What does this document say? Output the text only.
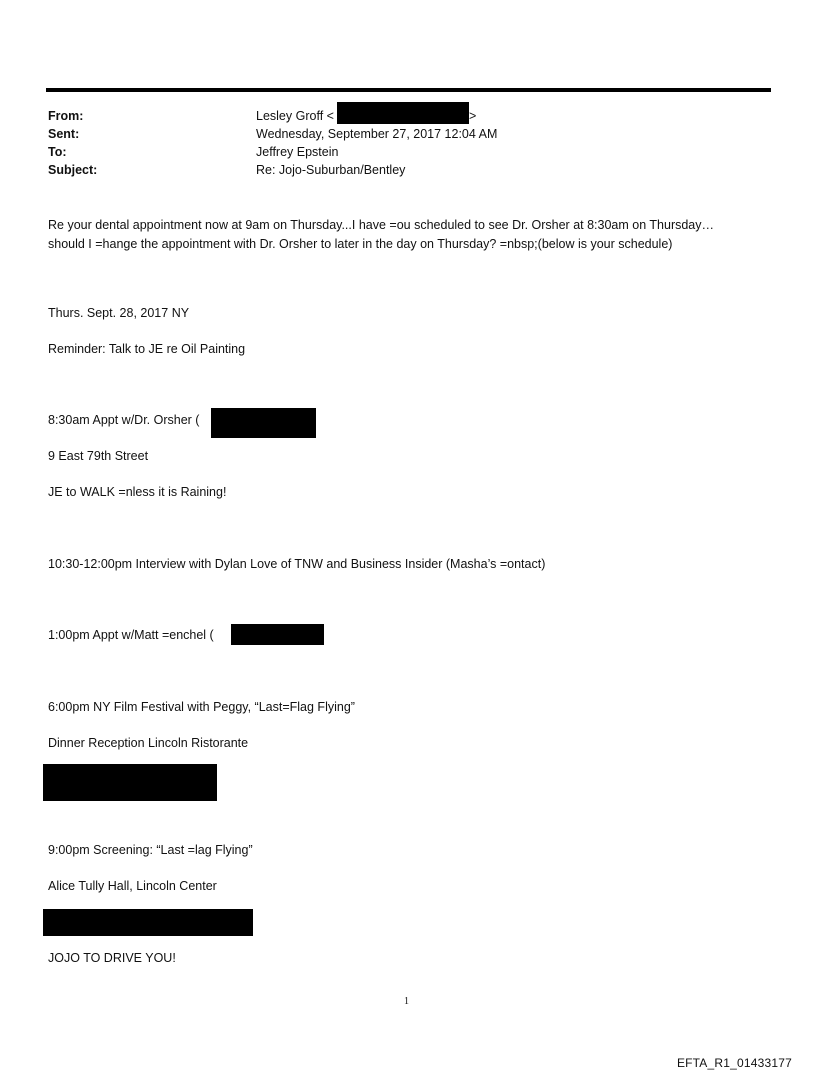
From:	Lesley Groff <	>
Sent:	Wednesday, September 27, 2017 12:04 AM
To:	Jeffrey Epstein
Subject:	Re: Jojo-Suburban/Bentley
Re your dental appointment now at 9am on Thursday...I have =ou scheduled to see Dr. Orsher at 8:30am on Thursday…should I =hange the appointment with Dr. Orsher to later in the day on Thursday? =nbsp;(below is your schedule)
Thurs. Sept. 28, 2017 NY
Reminder: Talk to JE re Oil Painting
8:30am Appt w/Dr. Orsher (
9 East 79th Street
JE to WALK =nless it is Raining!
10:30-12:00pm Interview with Dylan Love of TNW and Business Insider (Masha’s =ontact)
1:00pm Appt w/Matt =enchel (
6:00pm NY Film Festival with Peggy, “Last=Flag Flying”
Dinner Reception Lincoln Ristorante
9:00pm Screening: “Last =lag Flying”
Alice Tully Hall, Lincoln Center
JOJO TO DRIVE YOU!
1
EFTA_R1_01433177
